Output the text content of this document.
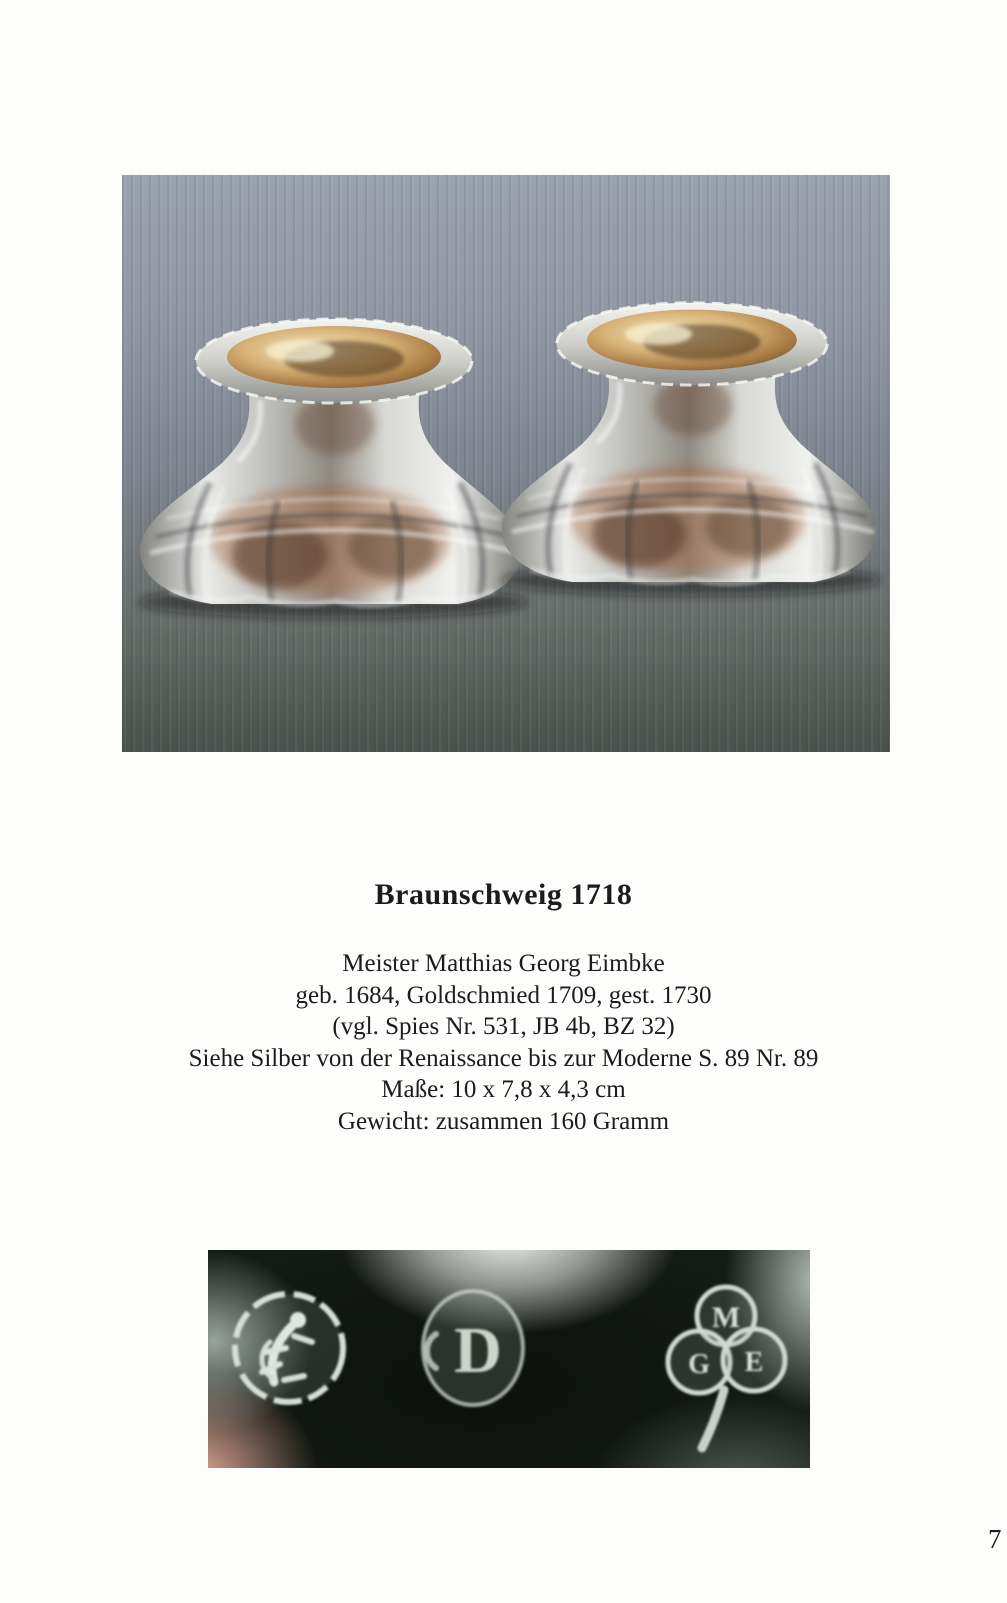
Braunschweig 1718
Meister Matthias Georg Eimbke
geb. 1684, Goldschmied 1709, gest. 1730
(vgl. Spies Nr. 531, JB 4b, BZ 32)
Siehe Silber von der Renaissance bis zur Moderne S. 89 Nr. 89
Maße: 10 x 7,8 x 4,3 cm
Gewicht: zusammen 160 Gramm
D	M
G E
7
